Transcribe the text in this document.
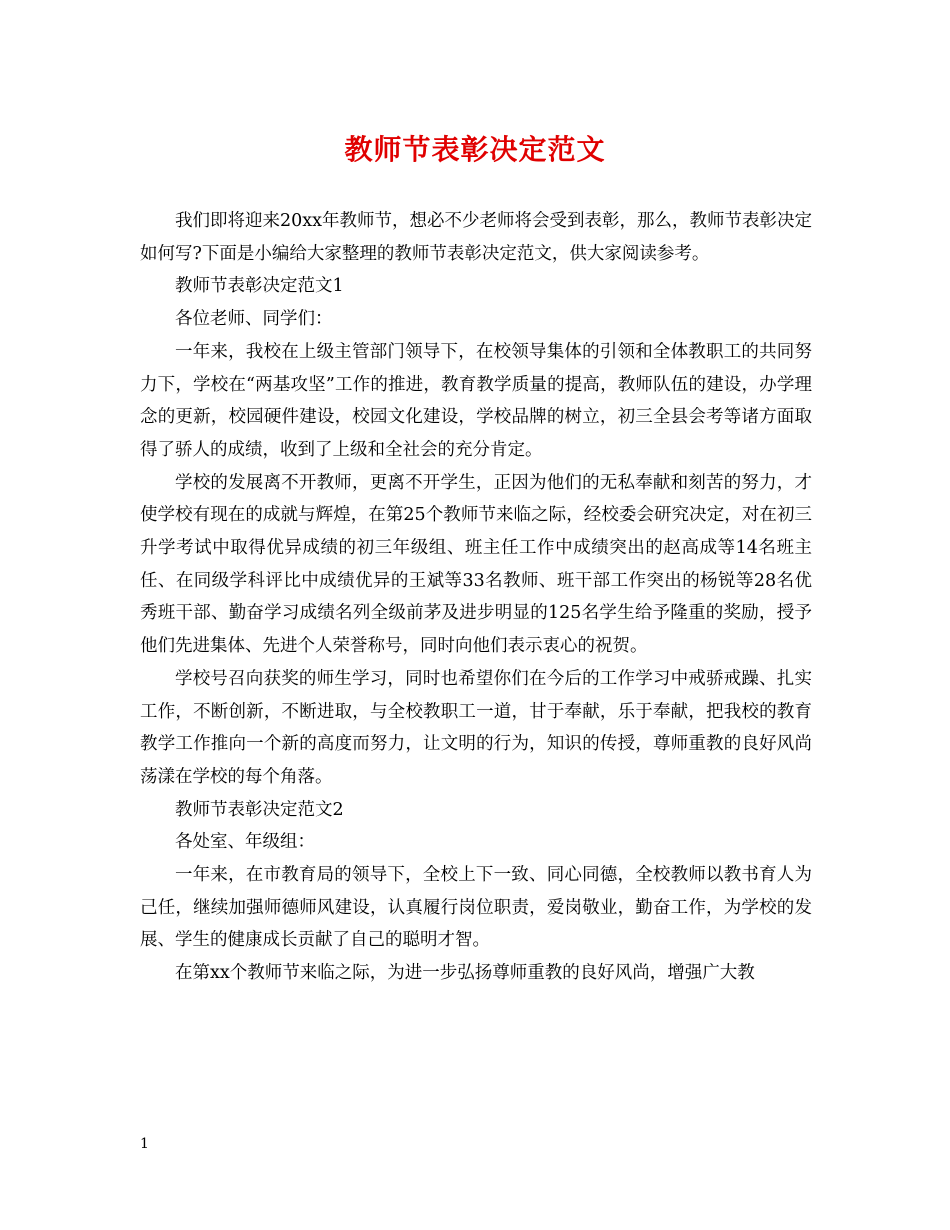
教师节表彰决定范文

我们即将迎来20xx年教师节，想必不少老师将会受到表彰，那么，教师节表彰决定如何写?下面是小编给大家整理的教师节表彰决定范文，供大家阅读参考。

教师节表彰决定范文1

各位老师、同学们：

一年来，我校在上级主管部门领导下，在校领导集体的引领和全体教职工的共同努力下，学校在“两基攻坚”工作的推进，教育教学质量的提高，教师队伍的建设，办学理念的更新，校园硬件建设，校园文化建设，学校品牌的树立，初三全县会考等诸方面取得了骄人的成绩，收到了上级和全社会的充分肯定。

学校的发展离不开教师，更离不开学生，正因为他们的无私奉献和刻苦的努力，才使学校有现在的成就与辉煌，在第25个教师节来临之际，经校委会研究决定，对在初三升学考试中取得优异成绩的初三年级组、班主任工作中成绩突出的赵高成等14名班主任、在同级学科评比中成绩优异的王斌等33名教师、班干部工作突出的杨锐等28名优秀班干部、勤奋学习成绩名列全级前茅及进步明显的125名学生给予隆重的奖励，授予他们先进集体、先进个人荣誉称号，同时向他们表示衷心的祝贺。

学校号召向获奖的师生学习，同时也希望你们在今后的工作学习中戒骄戒躁、扎实工作，不断创新，不断进取，与全校教职工一道，甘于奉献，乐于奉献，把我校的教育教学工作推向一个新的高度而努力，让文明的行为，知识的传授，尊师重教的良好风尚荡漾在学校的每个角落。

教师节表彰决定范文2

各处室、年级组：

一年来，在市教育局的领导下，全校上下一致、同心同德，全校教师以教书育人为己任，继续加强师德师风建设，认真履行岗位职责，爱岗敬业，勤奋工作，为学校的发展、学生的健康成长贡献了自己的聪明才智。

在第xx个教师节来临之际，为进一步弘扬尊师重教的良好风尚，增强广大教

1
